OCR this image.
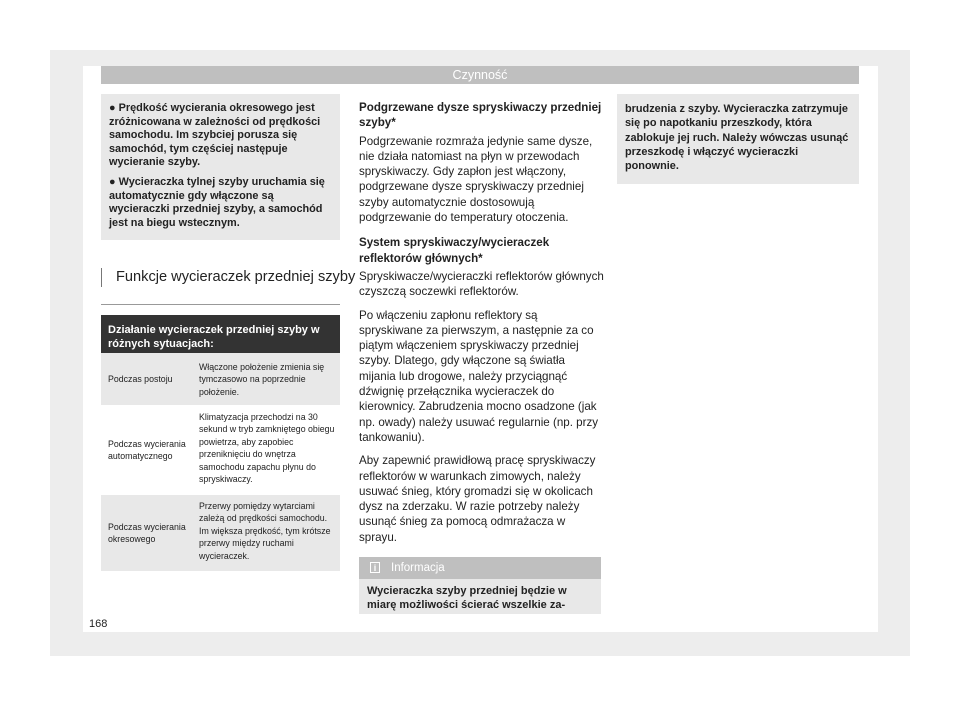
Czynność

● Prędkość wycierania okresowego jest zróżnicowana w zależności od prędkości samochodu. Im szybciej porusza się samochód, tym częściej następuje wycieranie szyby.

● Wycieraczka tylnej szyby uruchamia się automatycznie gdy włączone są wycieraczki przedniej szyby, a samochód jest na biegu wstecznym.

Funkcje wycieraczek przedniej szyby
Działanie wycieraczek przedniej szyby w różnych sytuacjach:
Podczas postoju
Włączone położenie zmienia się tymczasowo na poprzednie położenie.
Podczas wycierania automatycznego
Klimatyzacja przechodzi na 30 sekund w tryb zamkniętego obiegu powietrza, aby zapobiec przeniknięciu do wnętrza samochodu zapachu płynu do spryskiwaczy.
Podczas wycierania okresowego
Przerwy pomiędzy wytarciami zależą od prędkości samochodu. Im większa prędkość, tym krótsze przerwy między ruchami wycieraczek.
Podgrzewane dysze spryskiwaczy przedniej szyby*

Podgrzewanie rozmraża jedynie same dysze, nie działa natomiast na płyn w przewodach spryskiwaczy. Gdy zapłon jest włączony, podgrzewane dysze spryskiwaczy przedniej szyby automatycznie dostosowują podgrzewanie do temperatury otoczenia.

System spryskiwaczy/wycieraczek reflektorów głównych*

Spryskiwacze/wycieraczki reflektorów głównych czyszczą soczewki reflektorów.

Po włączeniu zapłonu reflektory są spryskiwane za pierwszym, a następnie za co piątym włączeniem spryskiwaczy przedniej szyby. Dlatego, gdy włączone są światła mijania lub drogowe, należy przyciągnąć dźwignię przełącznika wycieraczek do kierownicy. Zabrudzenia mocno osadzone (jak np. owady) należy usuwać regularnie (np. przy tankowaniu).

Aby zapewnić prawidłową pracę spryskiwaczy reflektorów w warunkach zimowych, należy usuwać śnieg, który gromadzi się w okolicach dysz na zderzaku. W razie potrzeby należy usunąć śnieg za pomocą odmrażacza w sprayu.

i	Informacja
Wycieraczka szyby przedniej będzie w miarę możliwości ścierać wszelkie za-
brudzenia z szyby. Wycieraczka zatrzymuje się po napotkaniu przeszkody, która zablokuje jej ruch. Należy wówczas usunąć przeszkodę i włączyć wycieraczki ponownie.
168
